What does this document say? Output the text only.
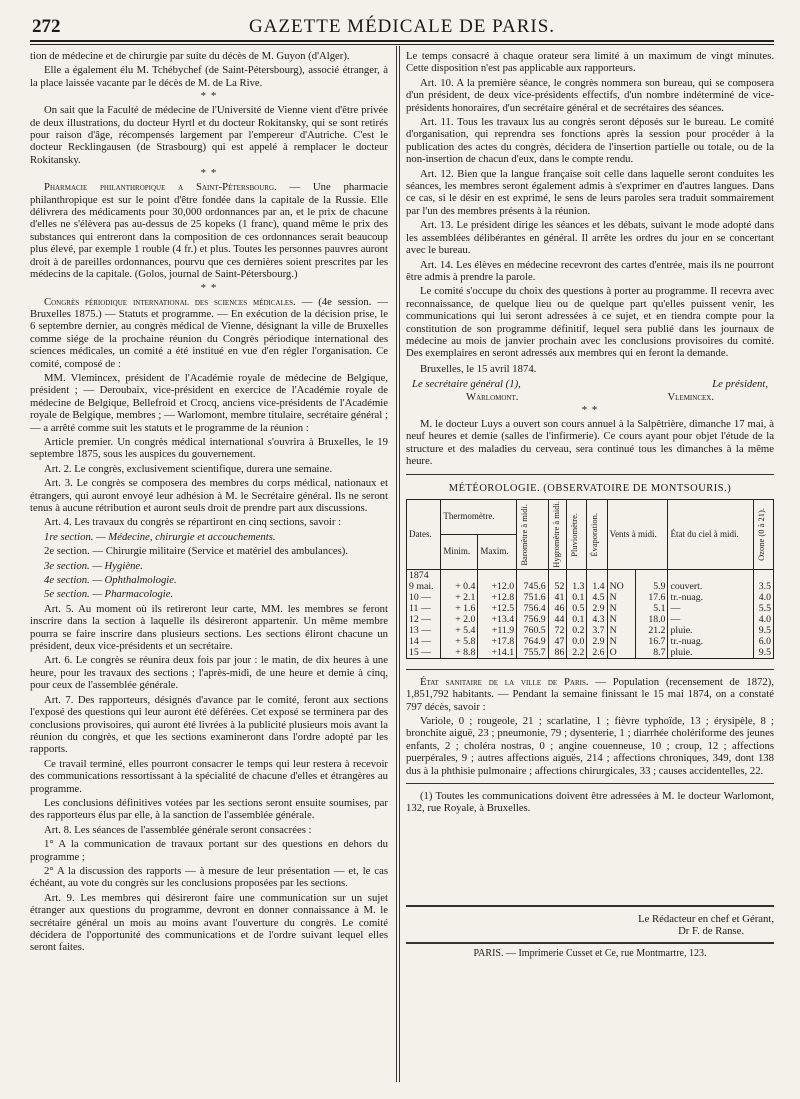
272	GAZETTE MÉDICALE DE PARIS.

tion de médecine et de chirurgie par suite du décès de M. Guyon (d'Alger).

Elle a également élu M. Tchébychef (de Saint-Pétersbourg), associé étranger, à la place laissée vacante par le décès de M. de La Rive.

* *

On sait que la Faculté de médecine de l'Université de Vienne vient d'être privée de deux illustrations, du docteur Hyrtl et du docteur Rokitansky, qui se sont retirés pour raison d'âge, récompensés largement par l'empereur d'Autriche. C'est le docteur Recklingausen (de Strasbourg) qui est appelé à remplacer le docteur Rokitansky.

* *

Pharmacie philanthropique a Saint-Pétersbourg. — Une pharmacie philanthropique est sur le point d'être fondée dans la capitale de la Russie. Elle délivrera des médicaments pour 30,000 ordonnances par an, et le prix de chacune d'elles ne s'élèvera pas au-dessus de 25 kopeks (1 franc), quand même le prix des substances qui entreront dans la composition de ces ordonnances serait beaucoup plus élevé, par exemple 1 rouble (4 fr.) et plus. Toutes les personnes pauvres auront droit à de pareilles ordonnances, pourvu que ces dernières soient prescrites par les médecins de la capitale. (Golos, journal de Saint-Pétersbourg.)

* *

Congrès périodique international des sciences médicales. — (4e session. — Bruxelles 1875.) — Statuts et programme. — En exécution de la décision prise, le 6 septembre dernier, au congrès médical de Vienne, désignant la ville de Bruxelles comme siége de la prochaine réunion du Congrès périodique international des sciences médicales, un comité a été institué en vue d'en régler l'organisation. Ce comité, composé de :

MM. Vlemincex, président de l'Académie royale de médecine de Belgique, président ; — Deroubaix, vice-président en exercice de l'Académie royale de médecine de Belgique, Bellefroid et Crocq, anciens vice-présidents de l'Académie royale de Belgique, membres ; — Warlomont, membre titulaire, secrétaire général ; — a arrêté comme suit les statuts et le programme de la réunion :

Article premier. Un congrès médical international s'ouvrira à Bruxelles, le 19 septembre 1875, sous les auspices du gouvernement.

Art. 2. Le congrès, exclusivement scientifique, durera une semaine.

Art. 3. Le congrès se composera des membres du corps médical, nationaux et étrangers, qui auront envoyé leur adhésion à M. le Secrétaire général. Ils ne seront tenus à aucune rétribution et auront seuls droit de prendre part aux discussions.

Art. 4. Les travaux du congrès se répartiront en cinq sections, savoir :

1re section. — Médecine, chirurgie et accouchements.

2e section. — Chirurgie militaire (Service et matériel des ambulances).

3e section. — Hygiène.

4e section. — Ophthalmologie.

5e section. — Pharmacologie.

Art. 5. Au moment où ils retireront leur carte, MM. les membres se feront inscrire dans la section à laquelle ils désireront appartenir. Un même membre pourra se faire inscrire dans plusieurs sections. Les sections éliront chacune un président, deux vice-présidents et un secrétaire.

Art. 6. Le congrès se réunira deux fois par jour : le matin, de dix heures à une heure, pour les travaux des sections ; l'après-midi, de une heure et demie à cinq, pour ceux de l'assemblée générale.

Art. 7. Des rapporteurs, désignés d'avance par le comité, feront aux sections l'exposé des questions qui leur auront été déférées. Cet exposé se terminera par des conclusions provisoires, qui auront été livrées à la publicité plusieurs mois avant la réunion du congrès, et que les sections examineront dans l'ordre adopté par les rapports.

Ce travail terminé, elles pourront consacrer le temps qui leur restera à recevoir des communications ressortissant à la spécialité de chacune d'elles et étrangères au programme.

Les conclusions définitives votées par les sections seront ensuite soumises, par des rapporteurs élus par elle, à la sanction de l'assemblée générale.

Art. 8. Les séances de l'assemblée générale seront consacrées :

1° A la communication de travaux portant sur des questions en dehors du programme ;

2° A la discussion des rapports — à mesure de leur présentation — et, le cas échéant, au vote du congrès sur les conclusions proposées par les sections.

Art. 9. Les membres qui désireront faire une communication sur un sujet étranger aux questions du programme, devront en donner connaissance à M. le secrétaire général un mois au moins avant l'ouverture du congrès. Le comité décidera de l'opportunité des communications et de l'ordre suivant lequel elles seront faites.

Le temps consacré à chaque orateur sera limité à un maximum de vingt minutes. Cette disposition n'est pas applicable aux rapporteurs.

Art. 10. A la première séance, le congrès nommera son bureau, qui se composera d'un président, de deux vice-présidents effectifs, d'un nombre indéterminé de vice-présidents honoraires, d'un secrétaire général et de secrétaires des séances.

Art. 11. Tous les travaux lus au congrès seront déposés sur le bureau. Le comité d'organisation, qui reprendra ses fonctions après la session pour procéder à la publication des actes du congrès, décidera de l'insertion partielle ou totale, ou de la non-insertion de chacun d'eux, dans le compte rendu.

Art. 12. Bien que la langue française soit celle dans laquelle seront conduites les séances, les membres seront également admis à s'exprimer en d'autres langues. Dans ce cas, si le désir en est exprimé, le sens de leurs paroles sera traduit sommairement par l'un des membres présents à la réunion.

Art. 13. Le président dirige les séances et les débats, suivant le mode adopté dans les assemblées délibérantes en général. Il arrête les ordres du jour en se concertant avec le bureau.

Art. 14. Les élèves en médecine recevront des cartes d'entrée, mais ils ne pourront être admis à prendre la parole.

Le comité s'occupe du choix des questions à porter au programme. Il recevra avec reconnaissance, de quelque lieu ou de quelque part qu'elles puissent venir, les communications qui lui seront adressées à ce sujet, et en tiendra compte pour la constitution de son programme définitif, lequel sera publié dans les journaux de médecine au mois de janvier prochain avec les conclusions provisoires du comité. Des exemplaires en seront adressés aux membres qui en feront la demande.

Bruxelles, le 15 avril 1874.

Le secrétaire général (1),	Le président,
Warlomont.	Vlemincex.
* *

M. le docteur Luys a ouvert son cours annuel à la Salpêtrière, dimanche 17 mai, à neuf heures et demie (salles de l'infirmerie). Ce cours ayant pour objet l'étude de la structure et des maladies du cerveau, sera continué tous les dimanches à la même heure.

MÉTÉOROLOGIE. (OBSERVATOIRE DE MONTSOURIS.)
Dates.	Thermomètre.		Baromètre à midi.	Hygromètre à midi.	Pluviomètre.	Évaporation.	Vents à midi.		État du ciel à midi.	Ozone (0 à 21).

	Minim.	Maxim.								
1874										
9 mai.	+ 0.4	+12.0	745.6	52	1.3	1.4	NO	5.9	couvert.	3.5
10 —	+ 2.1	+12.8	751.6	41	0.1	4.5	N	17.6	tr.-nuag.	4.0
11 —	+ 1.6	+12.5	756.4	46	0.5	2.9	N	5.1	—	5.5
12 —	+ 2.0	+13.4	756.9	44	0.1	4.3	N	18.0	—	4.0
13 —	+ 5.4	+11.9	760.5	72	0.2	3.7	N	21.2	pluie.	9.5
14 —	+ 5.8	+17.8	764.9	47	0.0	2.9	N	16.7	tr.-nuag.	6.0
15 —	+ 8.8	+14.1	755.7	86	2.2	2.6	O	8.7	pluie.	9.5

État sanitaire de la ville de Paris. — Population (recensement de 1872), 1,851,792 habitants. — Pendant la semaine finissant le 15 mai 1874, on a constaté 797 décès, savoir :

Variole, 0 ; rougeole, 21 ; scarlatine, 1 ; fièvre typhoïde, 13 ; érysipèle, 8 ; bronchite aiguë, 23 ; pneumonie, 79 ; dysenterie, 1 ; diarrhée cholériforme des jeunes enfants, 2 ; choléra nostras, 0 ; angine couenneuse, 10 ; croup, 12 ; affections puerpérales, 9 ; autres affections aiguës, 214 ; affections chroniques, 349, dont 138 dus à la phthisie pulmonaire ; affections chirurgicales, 33 ; causes accidentelles, 22.

(1) Toutes les communications doivent être adressées à M. le docteur Warlomont, 132, rue Royale, à Bruxelles.

Le Rédacteur en chef et Gérant,
Dr F. de Ranse.
PARIS. — Imprimerie Cusset et Ce, rue Montmartre, 123.
